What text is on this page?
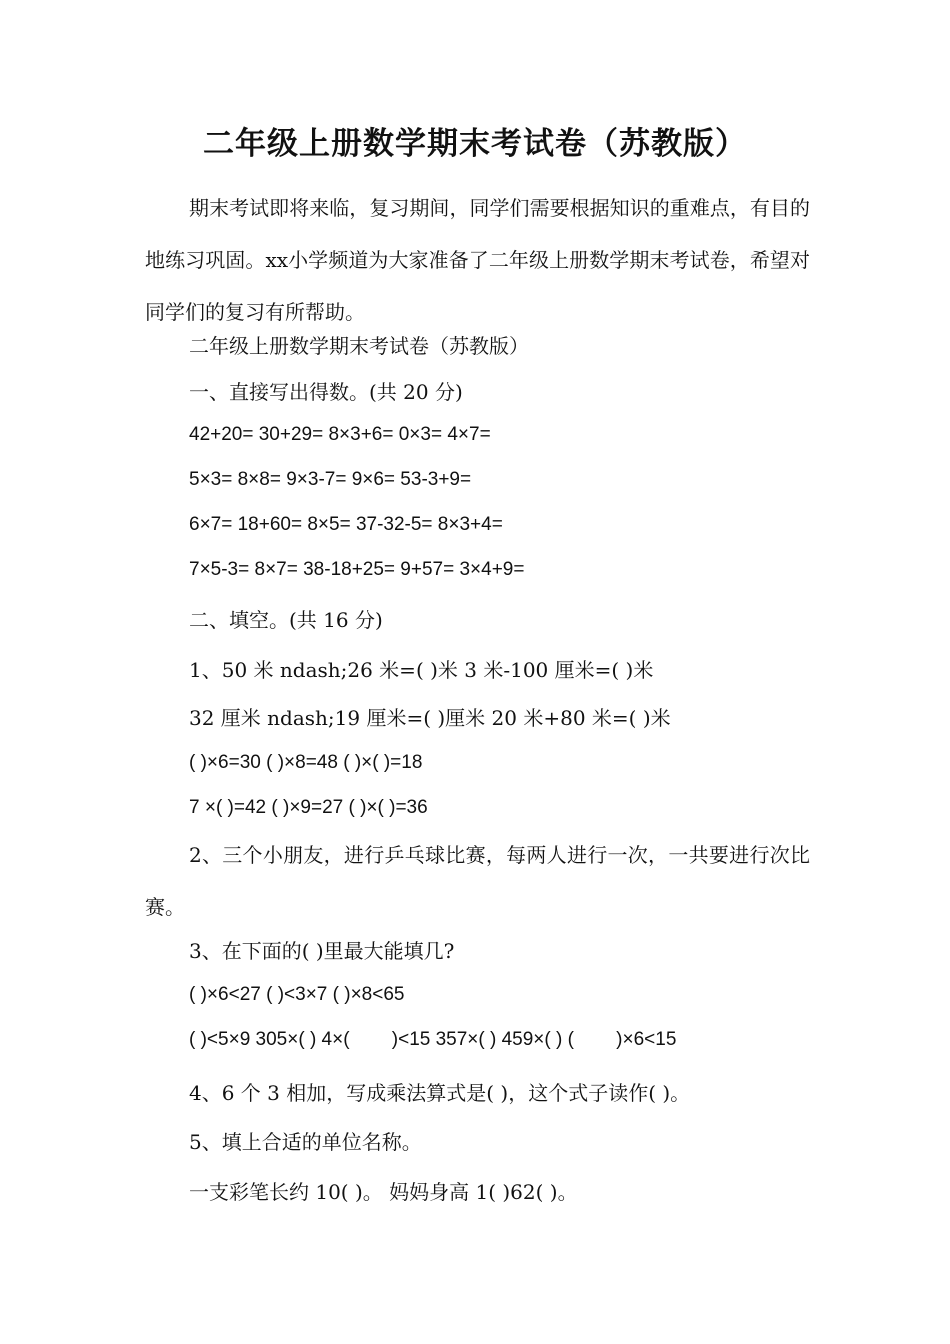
二年级上册数学期末考试卷（苏教版）
期末考试即将来临，复习期间，同学们需要根据知识的重难点，有目的地练习巩固。xx小学频道为大家准备了二年级上册数学期末考试卷，希望对同学们的复习有所帮助。
二年级上册数学期末考试卷（苏教版）
一、直接写出得数。(共 20 分)
42+20= 30+29= 8×3+6= 0×3= 4×7=
5×3= 8×8= 9×3-7= 9×6= 53-3+9=
6×7= 18+60= 8×5= 37-32-5= 8×3+4=
7×5-3= 8×7= 38-18+25= 9+57= 3×4+9=
二、填空。(共 16 分)
1、50 米 ndash;26 米=( )米 3 米-100 厘米=( )米
32 厘米 ndash;19 厘米=( )厘米 20 米+80 米=( )米
( )×6=30 ( )×8=48 ( )×( )=18
7 ×( )=42 ( )×9=27 ( )×( )=36
2、三个小朋友，进行乒乓球比赛，每两人进行一次，一共要进行次比赛。
3、在下面的( )里最大能填几?
( )×6<27 ( )<3×7 ( )×8<65
( )<5×9 305×( ) 4×(        )<15 357×( ) 459×( ) (        )×6<15
4、6 个 3 相加，写成乘法算式是( )，这个式子读作( )。
5、填上合适的单位名称。
一支彩笔长约 10( )。 妈妈身高 1( )62( )。
